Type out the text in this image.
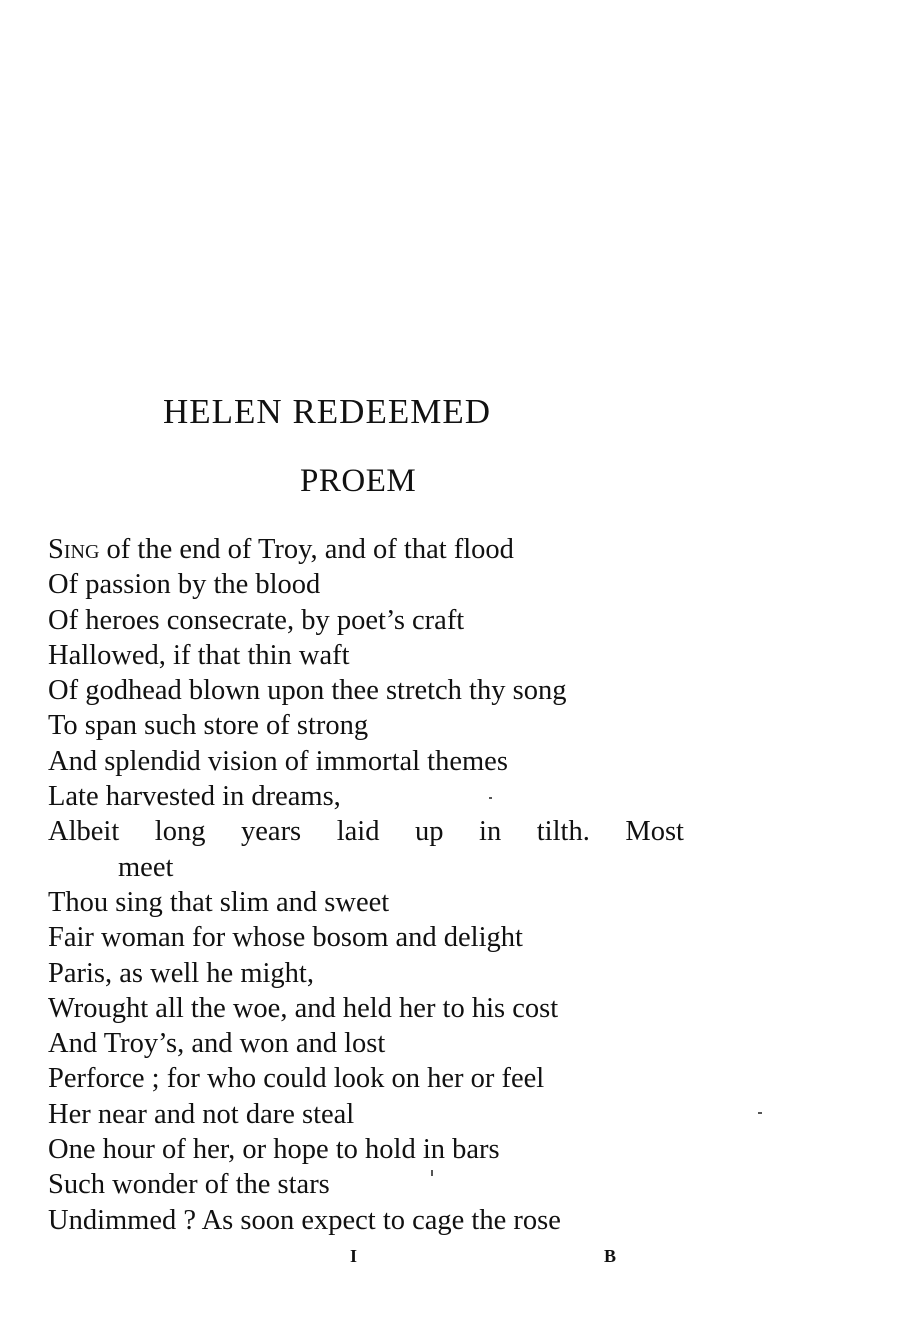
HELEN REDEEMED
PROEM
Sing of the end of Troy, and of that flood
Of passion by the blood
Of heroes consecrate, by poet’s craft
Hallowed, if that thin waft
Of godhead blown upon thee stretch thy song
To span such store of strong
And splendid vision of immortal themes
Late harvested in dreams,
Albeit long years laid up in tilth. Most
meet
Thou sing that slim and sweet
Fair woman for whose bosom and delight
Paris, as well he might,
Wrought all the woe, and held her to his cost
And Troy’s, and won and lost
Perforce ; for who could look on her or feel
Her near and not dare steal
One hour of her, or hope to hold in bars
Such wonder of the stars
Undimmed ? As soon expect to cage the rose
I	B
